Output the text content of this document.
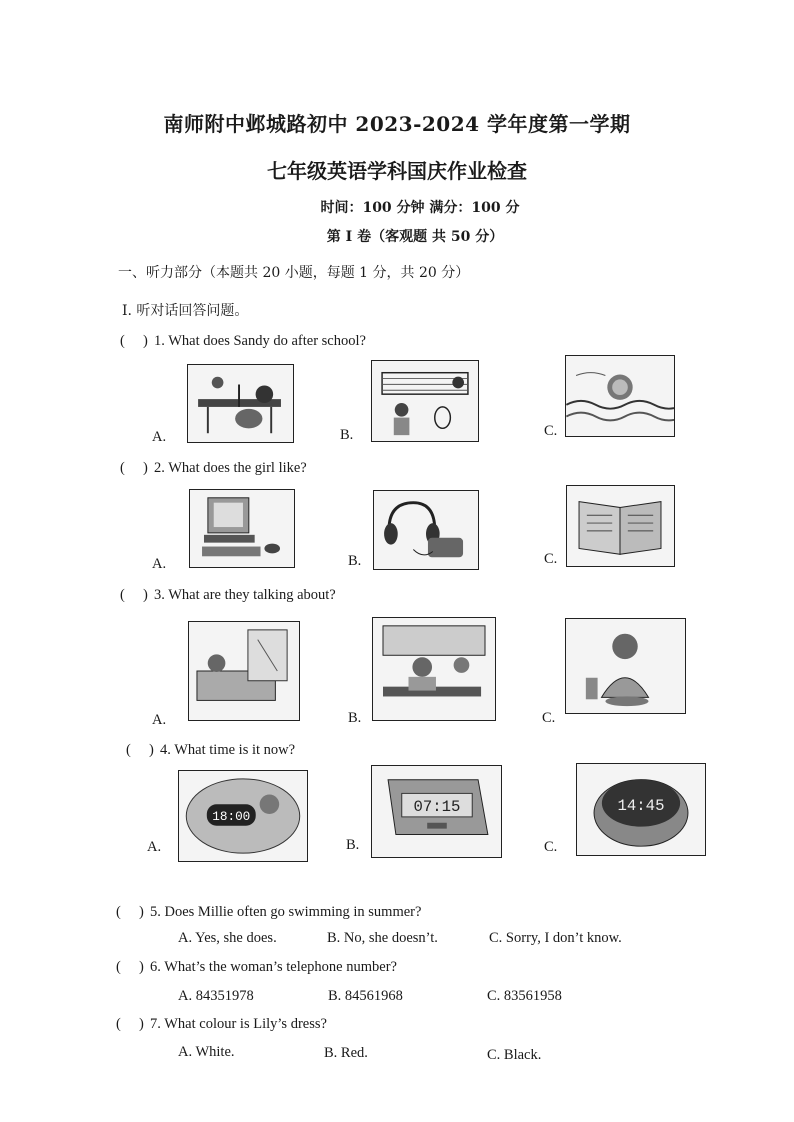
南师附中邺城路初中 2023-2024 学年度第一学期
七年级英语学科国庆作业检查
时间：100 分钟 满分：100 分
第 I 卷（客观题 共 50 分）
一、听力部分（本题共 20 小题，每题 1 分，共 20 分）
I. 听对话回答问题。
( ) 1. What does Sandy do after school?
A.	B.	C.
( ) 2. What does the girl like?
A.	B.	C.
( ) 3. What are they talking about?
A.	B.	C.
( ) 4. What time is it now?
A.
18:00
B.
07:15
C.
14:45
( ) 5. Does Millie often go swimming in summer?
A. Yes, she does.	B. No, she doesn’t.	C. Sorry, I don’t know.
( ) 6. What’s the woman’s telephone number?
A. 84351978	B. 84561968	C. 83561958
( ) 7. What colour is Lily’s dress?
A. White.	B. Red.	C. Black.
